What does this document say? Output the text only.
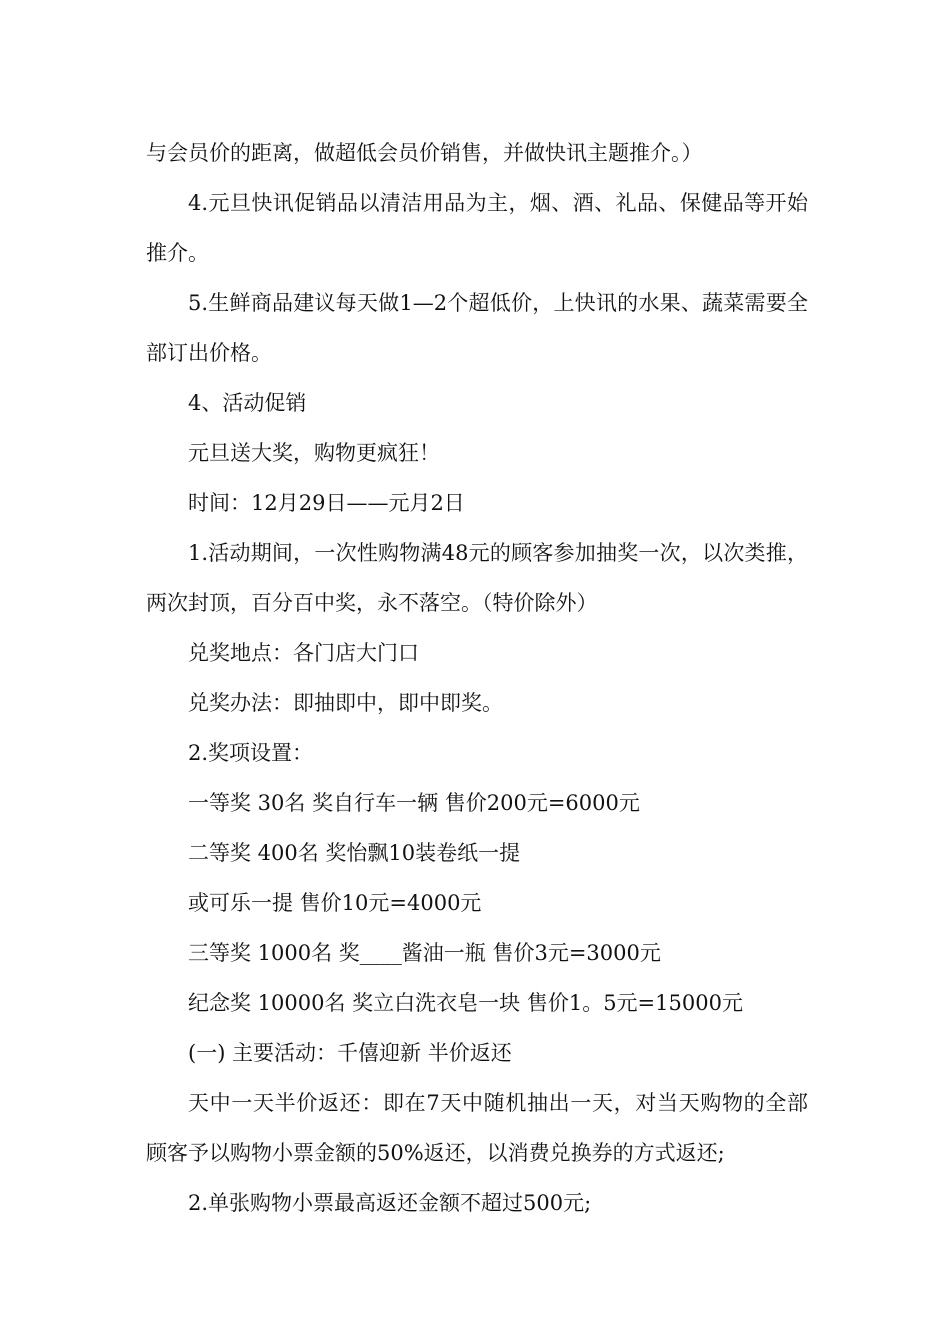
与会员价的距离，做超低会员价销售，并做快讯主题推介。）

4.元旦快讯促销品以清洁用品为主，烟、酒、礼品、保健品等开始推介。

5.生鲜商品建议每天做1—2个超低价，上快讯的水果、蔬菜需要全部订出价格。

4、活动促销

元旦送大奖，购物更疯狂！

时间：12月29日——元月2日

1.活动期间，一次性购物满48元的顾客参加抽奖一次，以次类推，两次封顶，百分百中奖，永不落空。（特价除外）

兑奖地点：各门店大门口

兑奖办法：即抽即中，即中即奖。

2.奖项设置：

一等奖 30名 奖自行车一辆 售价200元=6000元

二等奖 400名 奖怡飘10装卷纸一提

或可乐一提 售价10元=4000元

三等奖 1000名 奖____酱油一瓶 售价3元=3000元

纪念奖 10000名 奖立白洗衣皂一块 售价1。5元=15000元

(一) 主要活动：千僖迎新 半价返还

天中一天半价返还：即在7天中随机抽出一天，对当天购物的全部顾客予以购物小票金额的50%返还，以消费兑换券的方式返还;

2.单张购物小票最高返还金额不超过500元;
